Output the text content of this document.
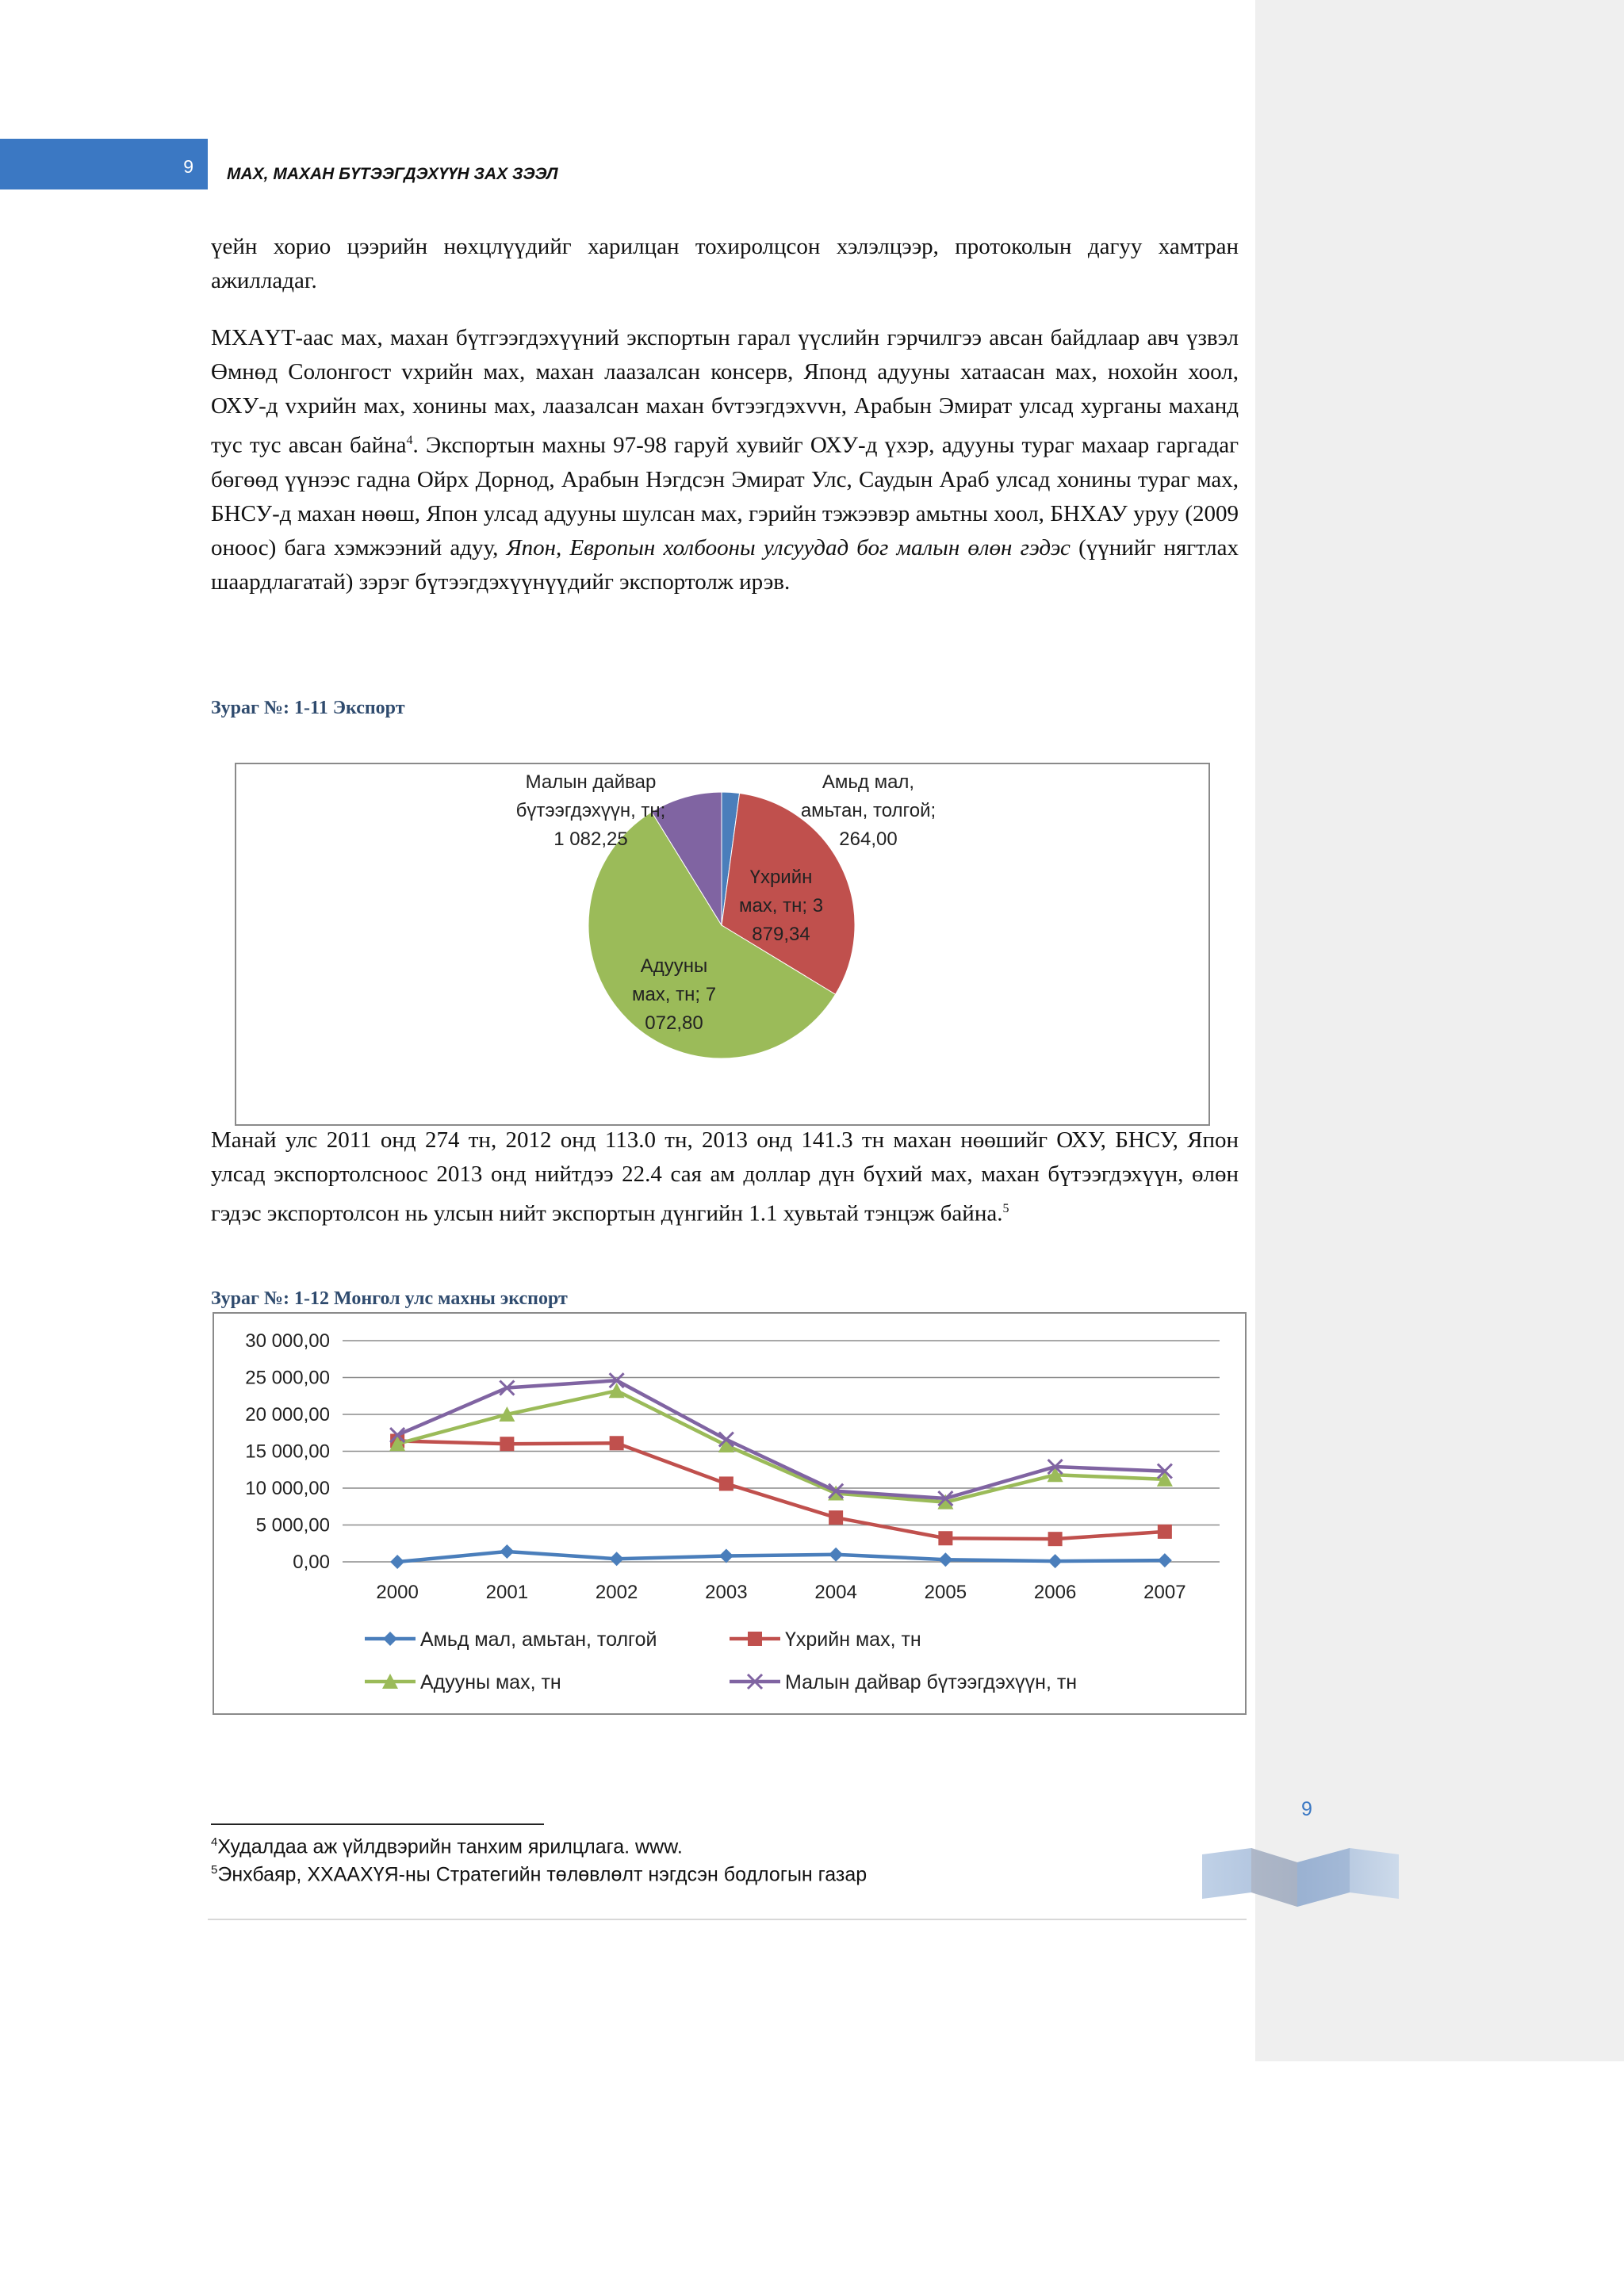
9 МАХ, МАХАН БҮТЭЭГДЭХҮҮН ЗАХ ЗЭЭЛ

үейн хорио цээрийн нөхцлүүдийг харилцан тохиролцсон хэлэлцээр, протоколын дагуу хамтран ажилладаг.

МХАҮТ-аас мах, махан бүтгээгдэхүүний экспортын гарал үүслийн гэрчилгээ авсан байдлаар авч үзвэл Өмнөд Солонгост vхрийн мах, махан лаазалсан консерв, Японд адууны хатаасан мах, нохойн хоол, ОХУ-д vхрийн мах, хонины мах, лаазалсан махан бvтээгдэхvvн, Арабын Эмират улсад хурганы маханд тус тус авсан байна$^4$. Экспортын махны 97-98 гаруй хувийг ОХУ-д үхэр, адууны тураг махаар гаргадаг бөгөөд үүнээс гадна Ойрх Дорнод, Арабын Нэгдсэн Эмират Улс, Саудын Араб улсад хонины тураг мах, БНСУ-д махан нөөш, Япон улсад адууны шулсан мах, гэрийн тэжээвэр амьтны хоол, БНХАУ уруу (2009 оноос) бага хэмжээний адуу, Япон, Европын холбооны улсуудад бог малын өлөн гэдэс (үүнийг нягтлах шаардлагатай) зэрэг бүтээгдэхүүнүүдийг экспортолж ирэв.

Зураг №: 1-11 Экспорт
Амьд мал,
амьтан, толгой;
264,00
Үхрийн
мах, тн; 3
879,34
Адууны
мах, тн; 7
072,80
Малын дайвар
бүтээгдэхүүн, тн;
1 082,25

Манай улс 2011 онд 274 тн, 2012 онд 113.0 тн, 2013 онд 141.3 тн махан нөөшийг ОХУ, БНСУ, Япон улсад экспортолсноос 2013 онд нийтдээ 22.4 сая ам доллар дүн бүхий мах, махан бүтээгдэхүүн, өлөн гэдэс экспортолсон нь улсын нийт экспортын дүнгийн 1.1 хувьтай тэнцэж байна.$^5$

Зураг №: 1-12 Монгол улс махны экспорт
0,00
5 000,00
10 000,00
15 000,00
20 000,00
25 000,00
30 000,00
2000	2001	2002	2003	2004	2005	2006	2007
Амьд мал, амьтан, толгой	Үхрийн мах, тн
Адууны мах, тн	Малын дайвар бүтээгдэхүүн, тн
$^4$Худалдаа аж үйлдвэрийн танхим ярилцлага. www.
$^5$Энхбаяр, ХХААХҮЯ-ны Стратегийн төлөвлөлт нэгдсэн бодлогын газар
9
